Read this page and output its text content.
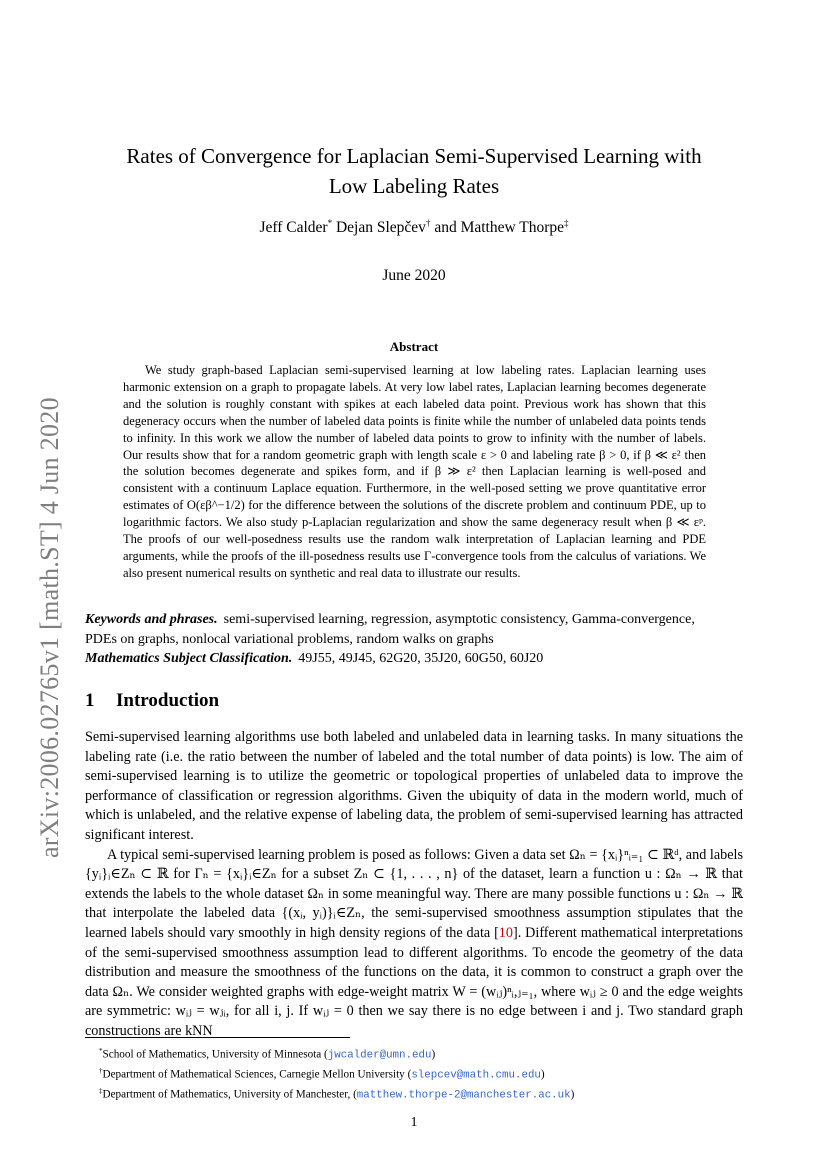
arXiv:2006.02765v1 [math.ST] 4 Jun 2020
Rates of Convergence for Laplacian Semi-Supervised Learning with
Low Labeling Rates
Jeff Calder* Dejan Slepčev† and Matthew Thorpe‡
June 2020
Abstract

We study graph-based Laplacian semi-supervised learning at low labeling rates. Laplacian learning uses harmonic extension on a graph to propagate labels. At very low label rates, Laplacian learning becomes degenerate and the solution is roughly constant with spikes at each labeled data point. Previous work has shown that this degeneracy occurs when the number of labeled data points is finite while the number of unlabeled data points tends to infinity. In this work we allow the number of labeled data points to grow to infinity with the number of labels. Our results show that for a random geometric graph with length scale ε > 0 and labeling rate β > 0, if β ≪ ε² then the solution becomes degenerate and spikes form, and if β ≫ ε² then Laplacian learning is well-posed and consistent with a continuum Laplace equation. Furthermore, in the well-posed setting we prove quantitative error estimates of O(εβ^−1/2) for the difference between the solutions of the discrete problem and continuum PDE, up to logarithmic factors. We also study p-Laplacian regularization and show the same degeneracy result when β ≪ εᵖ. The proofs of our well-posedness results use the random walk interpretation of Laplacian learning and PDE arguments, while the proofs of the ill-posedness results use Γ-convergence tools from the calculus of variations. We also present numerical results on synthetic and real data to illustrate our results.

Keywords and phrases. semi-supervised learning, regression, asymptotic consistency, Gamma-convergence,
PDEs on graphs, nonlocal variational problems, random walks on graphs
Mathematics Subject Classification. 49J55, 49J45, 62G20, 35J20, 60G50, 60J20
1 Introduction

Semi-supervised learning algorithms use both labeled and unlabeled data in learning tasks. In many situations the labeling rate (i.e. the ratio between the number of labeled and the total number of data points) is low. The aim of semi-supervised learning is to utilize the geometric or topological properties of unlabeled data to improve the performance of classification or regression algorithms. Given the ubiquity of data in the modern world, much of which is unlabeled, and the relative expense of labeling data, the problem of semi-supervised learning has attracted significant interest.

A typical semi-supervised learning problem is posed as follows: Given a data set Ωₙ = {xᵢ}ⁿᵢ₌₁ ⊂ ℝᵈ, and labels {yᵢ}ᵢ∈Zₙ ⊂ ℝ for Γₙ = {xᵢ}ᵢ∈Zₙ for a subset Zₙ ⊂ {1, . . . , n} of the dataset, learn a function u : Ωₙ → ℝ that extends the labels to the whole dataset Ωₙ in some meaningful way. There are many possible functions u : Ωₙ → ℝ that interpolate the labeled data {(xᵢ, yᵢ)}ᵢ∈Zₙ, the semi-supervised smoothness assumption stipulates that the learned labels should vary smoothly in high density regions of the data [10]. Different mathematical interpretations of the semi-supervised smoothness assumption lead to different algorithms. To encode the geometry of the data distribution and measure the smoothness of the functions on the data, it is common to construct a graph over the data Ωₙ. We consider weighted graphs with edge-weight matrix W = (wᵢⱼ)ⁿᵢ,ⱼ₌₁, where wᵢⱼ ≥ 0 and the edge weights are symmetric: wᵢⱼ = wⱼᵢ, for all i, j. If wᵢⱼ = 0 then we say there is no edge between i and j. Two standard graph constructions are kNN

*School of Mathematics, University of Minnesota (jwcalder@umn.edu)
†Department of Mathematical Sciences, Carnegie Mellon University (slepcev@math.cmu.edu)
‡Department of Mathematics, University of Manchester, (matthew.thorpe-2@manchester.ac.uk)
1
